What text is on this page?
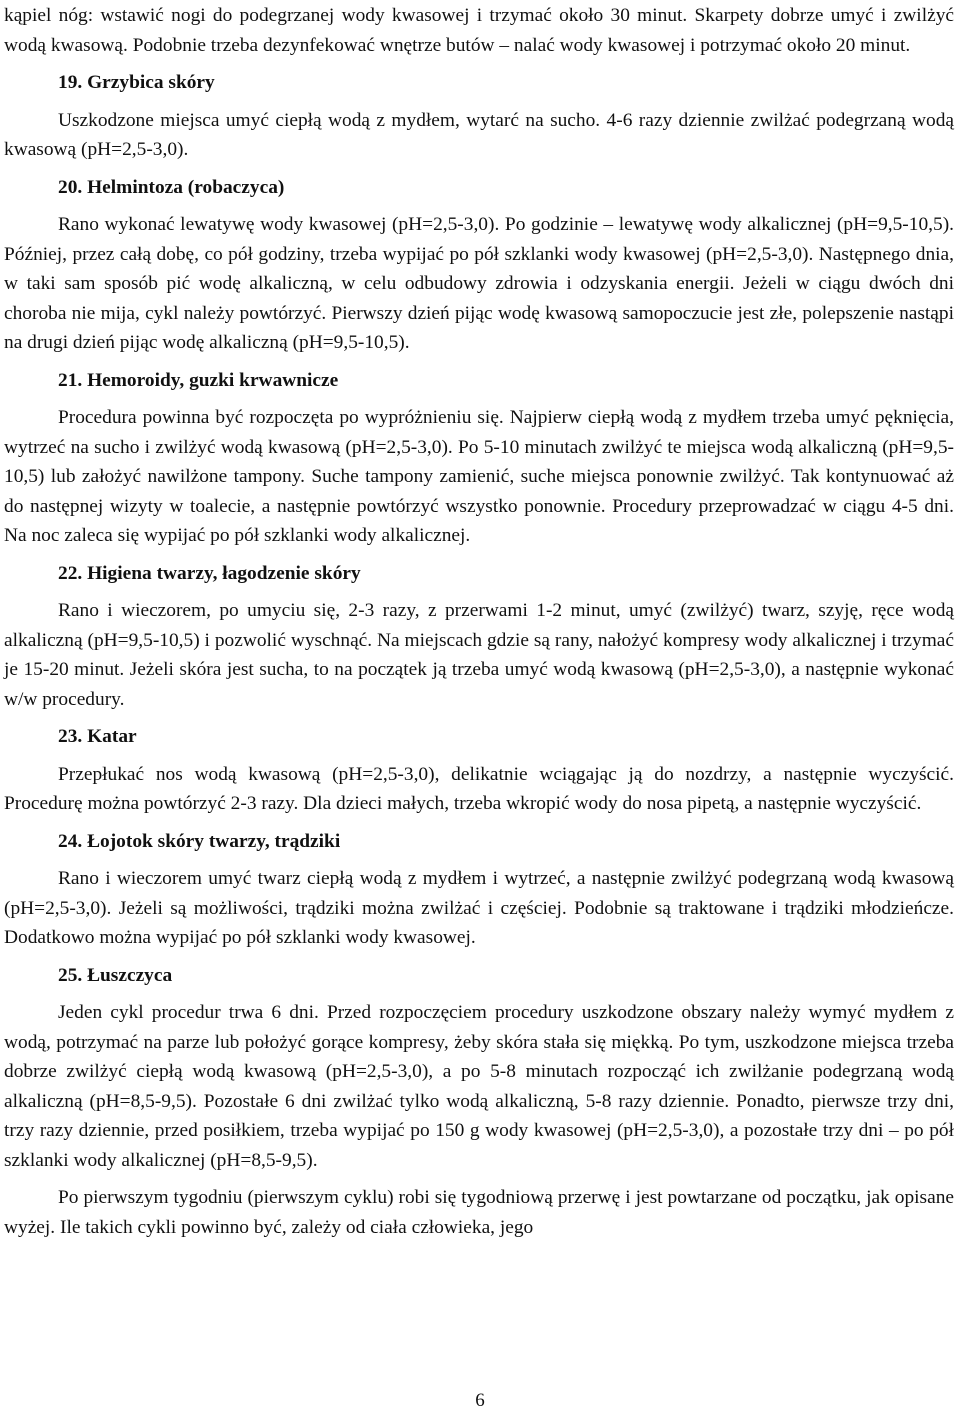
kąpiel nóg: wstawić nogi do podegrzanej wody kwasowej i trzymać około 30 minut. Skarpety dobrze umyć i zwilżyć wodą kwasową. Podobnie trzeba dezynfekować wnętrze butów – nalać wody kwasowej i potrzymać około 20 minut.

19. Grzybica skóry

Uszkodzone miejsca umyć ciepłą wodą z mydłem, wytarć na sucho. 4-6 razy dziennie zwilżać podegrzaną wodą kwasową (pH=2,5-3,0).

20. Helmintoza (robaczyca)

Rano wykonać lewatywę wody kwasowej (pH=2,5-3,0). Po godzinie – lewatywę wody alkalicznej (pH=9,5-10,5). Później, przez całą dobę, co pół godziny, trzeba wypijać po pół szklanki wody kwasowej (pH=2,5-3,0). Następnego dnia, w taki sam sposób pić wodę alkaliczną, w celu odbudowy zdrowia i odzyskania energii. Jeżeli w ciągu dwóch dni choroba nie mija, cykl należy powtórzyć. Pierwszy dzień pijąc wodę kwasową samopoczucie jest złe, polepszenie nastąpi na drugi dzień pijąc wodę alkaliczną (pH=9,5-10,5).

21. Hemoroidy, guzki krwawnicze

Procedura powinna być rozpoczęta po wypróżnieniu się. Najpierw ciepłą wodą z mydłem trzeba umyć pęknięcia, wytrzeć na sucho i zwilżyć wodą kwasową (pH=2,5-3,0). Po 5-10 minutach zwilżyć te miejsca wodą alkaliczną (pH=9,5-10,5) lub założyć nawilżone tampony. Suche tampony zamienić, suche miejsca ponownie zwilżyć. Tak kontynuować aż do następnej wizyty w toalecie, a następnie powtórzyć wszystko ponownie. Procedury przeprowadzać w ciągu 4-5 dni. Na noc zaleca się wypijać po pół szklanki wody alkalicznej.

22. Higiena twarzy, łagodzenie skóry

Rano i wieczorem, po umyciu się, 2-3 razy, z przerwami 1-2 minut, umyć (zwilżyć) twarz, szyję, ręce wodą alkaliczną (pH=9,5-10,5) i pozwolić wyschnąć. Na miejscach gdzie są rany, nałożyć kompresy wody alkalicznej i trzymać je 15-20 minut. Jeżeli skóra jest sucha, to na początek ją trzeba umyć wodą kwasową (pH=2,5-3,0), a następnie wykonać w/w procedury.

23. Katar

Przepłukać nos wodą kwasową (pH=2,5-3,0), delikatnie wciągając ją do nozdrzy, a następnie wyczyścić. Procedurę można powtórzyć 2-3 razy. Dla dzieci małych, trzeba wkropić wody do nosa pipetą, a następnie wyczyścić.

24. Łojotok skóry twarzy, trądziki

Rano i wieczorem umyć twarz ciepłą wodą z mydłem i wytrzeć, a następnie zwilżyć podegrzaną wodą kwasową (pH=2,5-3,0). Jeżeli są możliwości, trądziki można zwilżać i częściej. Podobnie są traktowane i trądziki młodzieńcze. Dodatkowo można wypijać po pół szklanki wody kwasowej.

25. Łuszczyca

Jeden cykl procedur trwa 6 dni. Przed rozpoczęciem procedury uszkodzone obszary należy wymyć mydłem z wodą, potrzymać na parze lub położyć gorące kompresy, żeby skóra stała się miękką. Po tym, uszkodzone miejsca trzeba dobrze zwilżyć ciepłą wodą kwasową (pH=2,5-3,0), a po 5-8 minutach rozpocząć ich zwilżanie podegrzaną wodą alkaliczną (pH=8,5-9,5). Pozostałe 6 dni zwilżać tylko wodą alkaliczną, 5-8 razy dziennie. Ponadto, pierwsze trzy dni, trzy razy dziennie, przed posiłkiem, trzeba wypijać po 150 g wody kwasowej (pH=2,5-3,0), a pozostałe trzy dni – po pół szklanki wody alkalicznej (pH=8,5-9,5).

Po pierwszym tygodniu (pierwszym cyklu) robi się tygodniową przerwę i jest powtarzane od początku, jak opisane wyżej. Ile takich cykli powinno być, zależy od ciała człowieka, jego

6
